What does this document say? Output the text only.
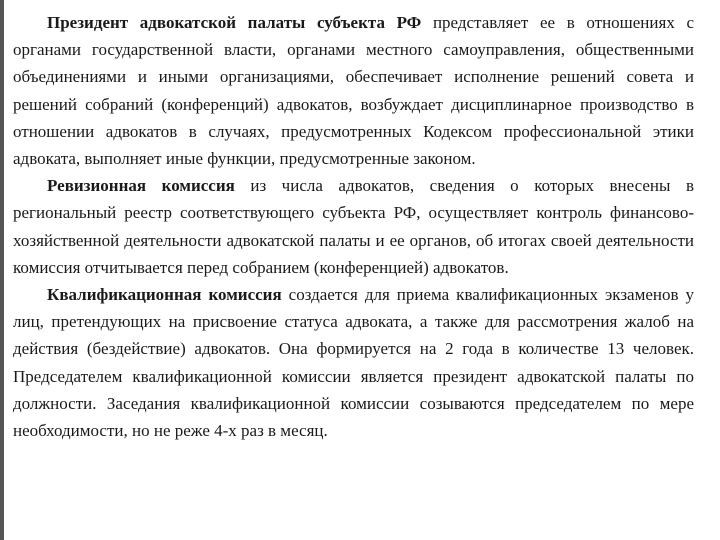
Президент адвокатской палаты субъекта РФ представляет ее в отношениях с органами государственной власти, органами местного самоуправления, общественными объединениями и иными организациями, обеспечивает исполнение решений совета и решений собраний (конференций) адвокатов, возбуждает дисциплинарное производство в отношении адвокатов в случаях, предусмотренных Кодексом профессиональной этики адвоката, выполняет иные функции, предусмотренные законом.

Ревизионная комиссия из числа адвокатов, сведения о которых внесены в региональный реестр соответствующего субъекта РФ, осуществляет контроль финансово-хозяйственной деятельности адвокатской палаты и ее органов, об итогах своей деятельности комиссия отчитывается перед собранием (конференцией) адвокатов.

Квалификационная комиссия создается для приема квалификационных экзаменов у лиц, претендующих на присвоение статуса адвоката, а также для рассмотрения жалоб на действия (бездействие) адвокатов. Она формируется на 2 года в количестве 13 человек. Председателем квалификационной комиссии является президент адвокатской палаты по должности. Заседания квалификационной комиссии созываются председателем по мере необходимости, но не реже 4-х раз в месяц.
